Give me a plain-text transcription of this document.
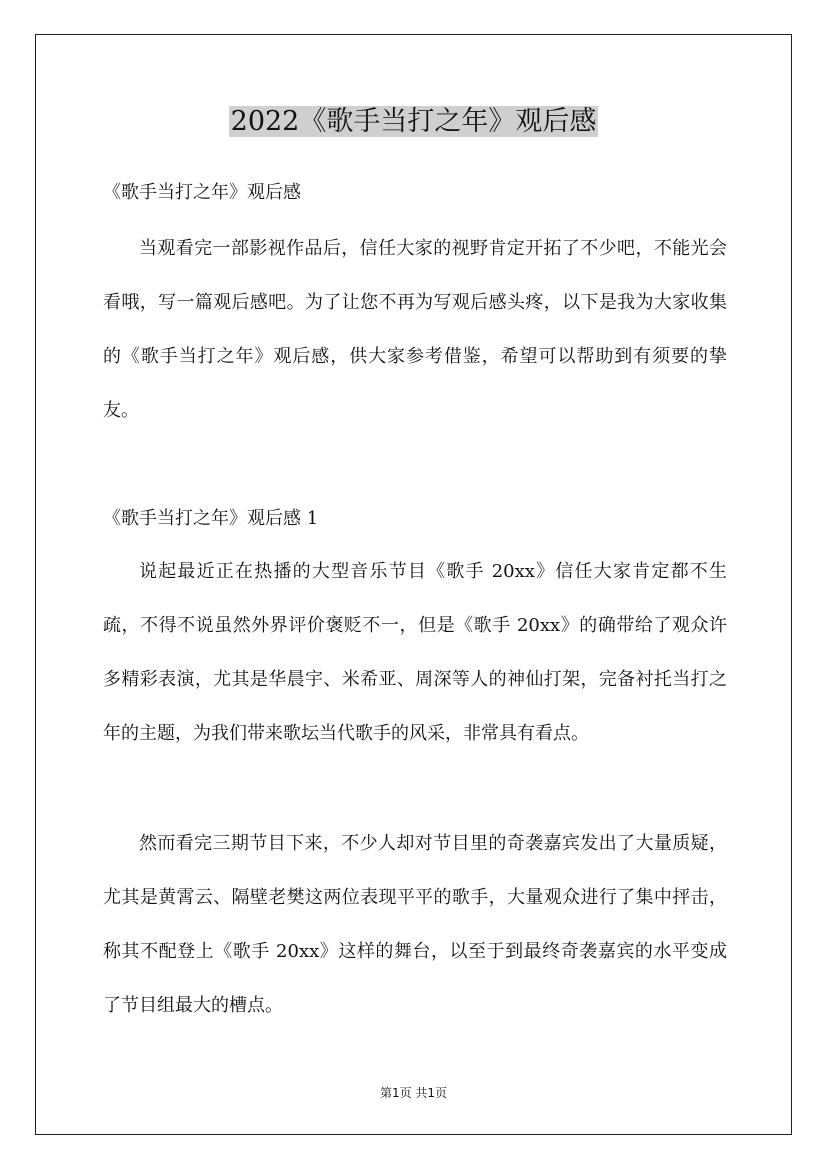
2022《歌手当打之年》观后感

《歌手当打之年》观后感

当观看完一部影视作品后，信任大家的视野肯定开拓了不少吧，不能光会看哦，写一篇观后感吧。为了让您不再为写观后感头疼，以下是我为大家收集的《歌手当打之年》观后感，供大家参考借鉴，希望可以帮助到有须要的挚友。

《歌手当打之年》观后感 1

说起最近正在热播的大型音乐节目《歌手 20xx》信任大家肯定都不生疏，不得不说虽然外界评价褒贬不一，但是《歌手 20xx》的确带给了观众许多精彩表演，尤其是华晨宇、米希亚、周深等人的神仙打架，完备衬托当打之年的主题，为我们带来歌坛当代歌手的风采，非常具有看点。

然而看完三期节目下来，不少人却对节目里的奇袭嘉宾发出了大量质疑，尤其是黄霄云、隔壁老樊这两位表现平平的歌手，大量观众进行了集中抨击，称其不配登上《歌手 20xx》这样的舞台，以至于到最终奇袭嘉宾的水平变成了节目组最大的槽点。

第1页 共1页
